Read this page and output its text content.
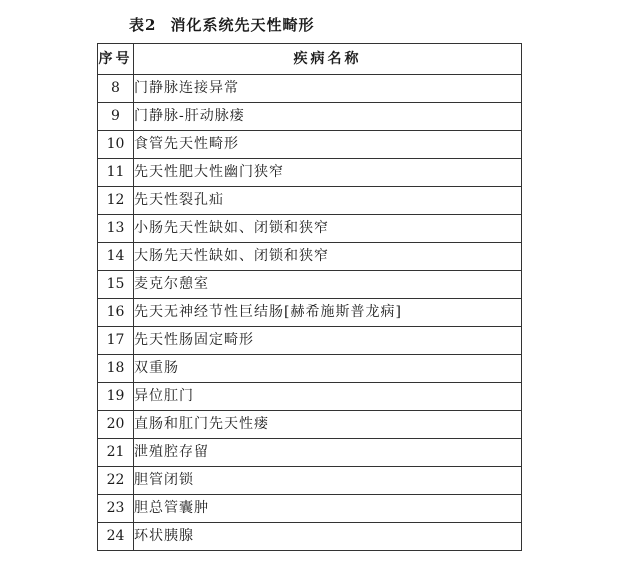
表2 消化系统先天性畸形
序号	疾病名称
8	门静脉连接异常
9	门静脉-肝动脉瘘
10	食管先天性畸形
11	先天性肥大性幽门狭窄
12	先天性裂孔疝
13	小肠先天性缺如、闭锁和狭窄
14	大肠先天性缺如、闭锁和狭窄
15	麦克尔憩室
16	先天无神经节性巨结肠[赫希施斯普龙病]
17	先天性肠固定畸形
18	双重肠
19	异位肛门
20	直肠和肛门先天性瘘
21	泄殖腔存留
22	胆管闭锁
23	胆总管囊肿
24	环状胰腺
